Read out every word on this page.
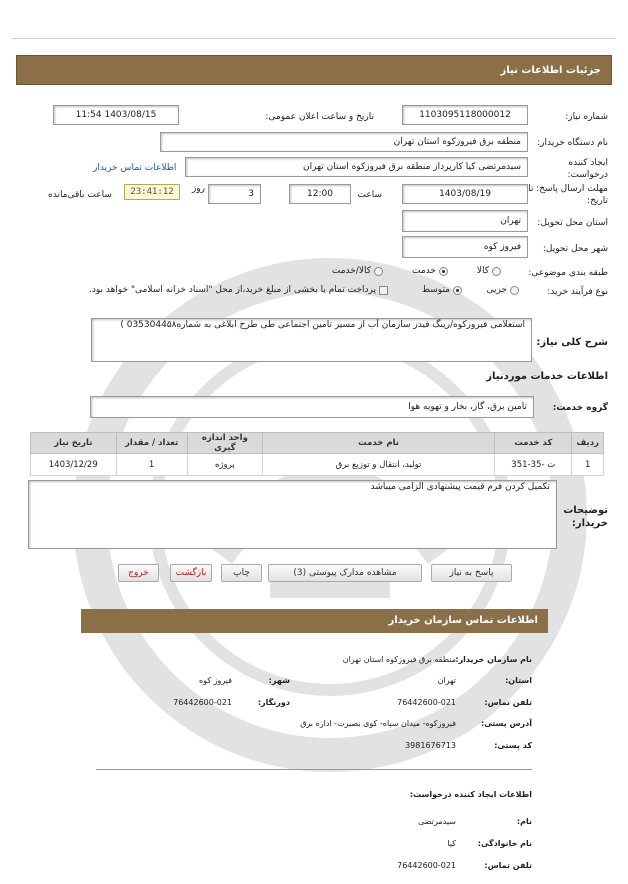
جزئیات اطلاعات نیاز
شماره نیاز:
1103095118000012
تاریخ و ساعت اعلان عمومی:
1403/08/15 11:54
نام دستگاه خریدار:
منطقه برق فیروزکوه استان تهران
ایجاد کننده درخواست:
سیدمرتضی کیا کارپرداز منطقه برق فیروزکوه استان تهران
اطلاعات تماس خریدار
مهلت ارسال پاسخ: تا تاریخ:
1403/08/19
ساعت
12:00
3
روز
23:41:12
ساعت باقی‌مانده
استان محل تحویل:
تهران
شهر محل تحویل:
فیروز کوه
طبقه بندی موضوعی:
کالا
خدمت
کالا/خدمت
نوع فرآیند خرید:
جزیی
متوسط
پرداخت تمام یا بخشی از مبلغ خرید،از محل "اسناد خزانه اسلامی" خواهد بود.
شرح کلی نیاز:
استعلامی فیروزکوه/رینگ فیدر سازمان آب از مسیر تامین اجتماعی طی طرح ابلاغی به شماره0353044۵۸ )
اطلاعات خدمات موردنیاز
گروه خدمت:
تامین برق، گاز، بخار و تهویه هوا
ردیف	کد خدمت	نام خدمت	واحد اندازه گیری	تعداد / مقدار	تاریخ نیاز
1	ت -35-351	تولید، انتقال و توزیع برق	پروژه	1	1403/12/29
توضیحات خریدار:
تکمیل کردن فرم قیمت پیشنهادی الزامی میباشد
پاسخ به نیاز
مشاهده مدارک پیوستی (3)
چاپ
بازگشت
خروج
اطلاعات تماس سازمان خریدار
نام سازمان خریدار:
منطقه برق فیروزکوه استان تهران
استان:
تهران
شهر:
فیروز کوه
تلفن تماس:
76442600-021
دورنگار:
76442600-021
آدرس پستی:
فیروزکوه- میدان سپاه- کوی بصیرت- اداره برق
کد پستی:
3981676713
اطلاعات ایجاد کننده درخواست:
نام:
سیدمرتضی
نام خانوادگی:
کیا
تلفن تماس:
76442600-021
